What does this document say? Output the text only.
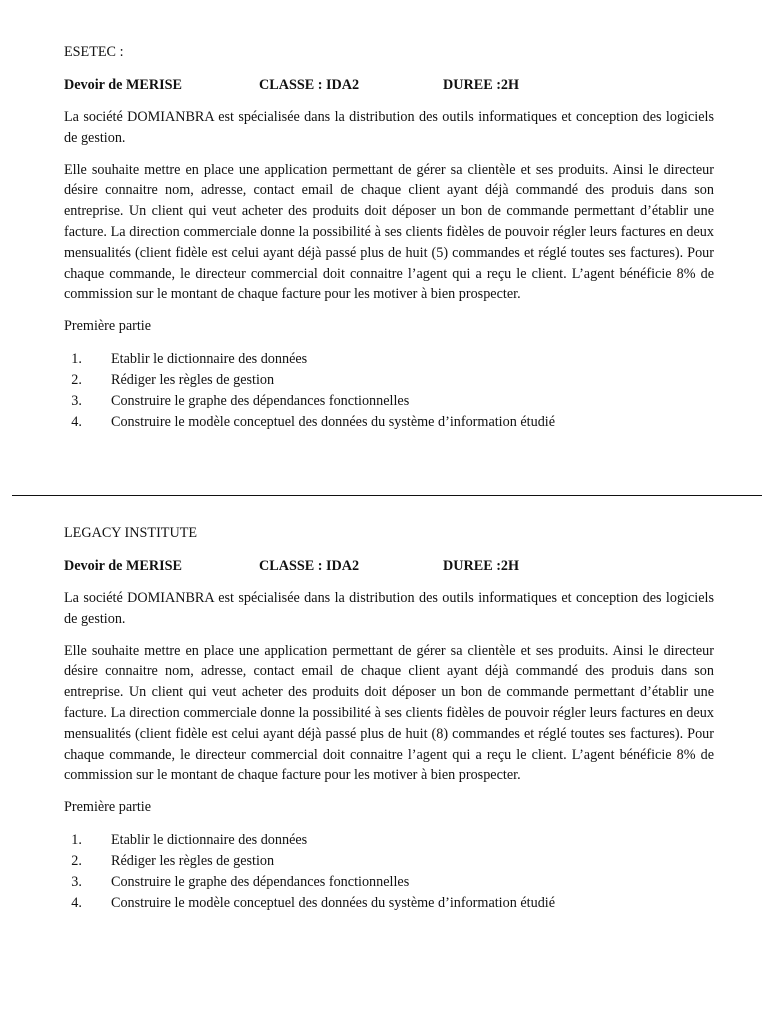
ESETEC :
Devoir de MERISE	CLASSE : IDA2	DUREE :2H

La société DOMIANBRA est spécialisée dans la distribution des outils informatiques et conception des logiciels de gestion.

Elle souhaite mettre en place une application permettant de gérer sa clientèle et ses produits. Ainsi le directeur désire connaitre nom, adresse, contact email de chaque client ayant déjà commandé des produis dans son entreprise. Un client qui veut acheter des produits doit déposer un bon de commande permettant d’établir une facture. La direction commerciale donne la possibilité à ses clients fidèles de pouvoir régler leurs factures en deux mensualités (client fidèle est celui ayant déjà passé plus de huit (5) commandes et réglé toutes ses factures). Pour chaque commande, le directeur commercial doit connaitre l’agent qui a reçu le client. L’agent bénéficie 8% de commission sur le montant de chaque facture pour les motiver à bien prospecter.

Première partie
1. Etablir le dictionnaire des données
2. Rédiger les règles de gestion
3. Construire le graphe des dépendances fonctionnelles
4. Construire le modèle conceptuel des données du système d’information étudié
LEGACY INSTITUTE
Devoir de MERISE	CLASSE : IDA2	DUREE :2H

La société DOMIANBRA est spécialisée dans la distribution des outils informatiques et conception des logiciels de gestion.

Elle souhaite mettre en place une application permettant de gérer sa clientèle et ses produits. Ainsi le directeur désire connaitre nom, adresse, contact email de chaque client ayant déjà commandé des produis dans son entreprise. Un client qui veut acheter des produits doit déposer un bon de commande permettant d’établir une facture. La direction commerciale donne la possibilité à ses clients fidèles de pouvoir régler leurs factures en deux mensualités (client fidèle est celui ayant déjà passé plus de huit (8) commandes et réglé toutes ses factures). Pour chaque commande, le directeur commercial doit connaitre l’agent qui a reçu le client. L’agent bénéficie 8% de commission sur le montant de chaque facture pour les motiver à bien prospecter.

Première partie
1. Etablir le dictionnaire des données
2. Rédiger les règles de gestion
3. Construire le graphe des dépendances fonctionnelles
4. Construire le modèle conceptuel des données du système d’information étudié
